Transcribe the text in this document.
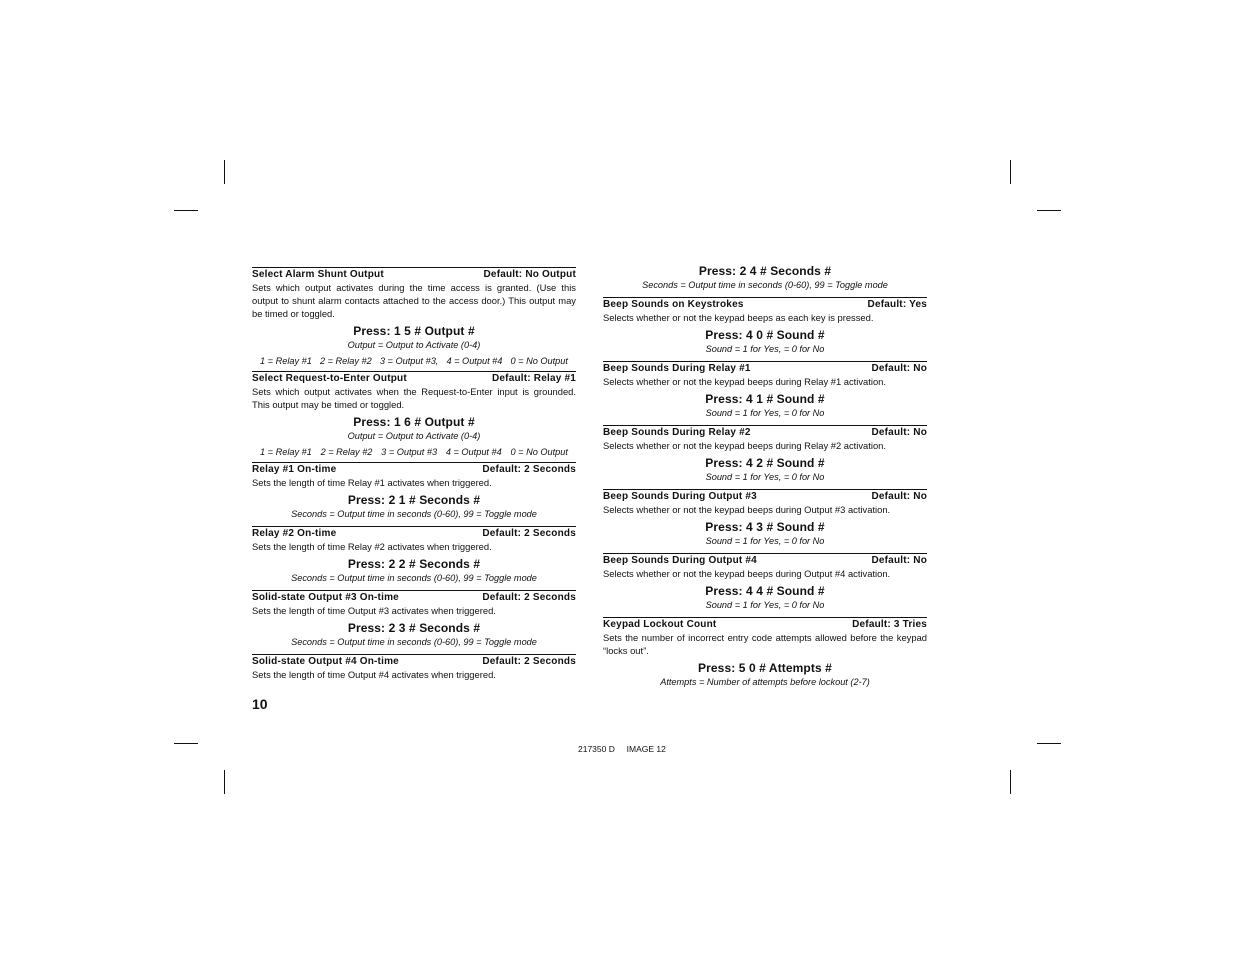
Select Alarm Shunt Output	Default: No Output

Sets which output activates during the time access is granted. (Use this output to shunt alarm contacts attached to the access door.) This output may be timed or toggled.

Press: 1 5 # Output #
Output = Output to Activate (0-4)
1 = Relay #1 2 = Relay #2 3 = Output #3, 4 = Output #4 0 = No Output
Select Request-to-Enter Output	Default: Relay #1

Sets which output activates when the Request-to-Enter input is grounded. This output may be timed or toggled.

Press: 1 6 # Output #
Output = Output to Activate (0-4)
1 = Relay #1 2 = Relay #2 3 = Output #3 4 = Output #4 0 = No Output
Relay #1 On-time	Default: 2 Seconds

Sets the length of time Relay #1 activates when triggered.

Press: 2 1 # Seconds #
Seconds = Output time in seconds (0-60), 99 = Toggle mode
Relay #2 On-time	Default: 2 Seconds

Sets the length of time Relay #2 activates when triggered.

Press: 2 2 # Seconds #
Seconds = Output time in seconds (0-60), 99 = Toggle mode
Solid-state Output #3 On-time	Default: 2 Seconds

Sets the length of time Output #3 activates when triggered.

Press: 2 3 # Seconds #
Seconds = Output time in seconds (0-60), 99 = Toggle mode
Solid-state Output #4 On-time	Default: 2 Seconds

Sets the length of time Output #4 activates when triggered.

Press: 2 4 # Seconds #
Seconds = Output time in seconds (0-60), 99 = Toggle mode
Beep Sounds on Keystrokes	Default: Yes

Selects whether or not the keypad beeps as each key is pressed.

Press: 4 0 # Sound #
Sound = 1 for Yes, = 0 for No
Beep Sounds During Relay #1	Default: No

Selects whether or not the keypad beeps during Relay #1 activation.

Press: 4 1 # Sound #
Sound = 1 for Yes, = 0 for No
Beep Sounds During Relay #2	Default: No

Selects whether or not the keypad beeps during Relay #2 activation.

Press: 4 2 # Sound #
Sound = 1 for Yes, = 0 for No
Beep Sounds During Output #3	Default: No

Selects whether or not the keypad beeps during Output #3 activation.

Press: 4 3 # Sound #
Sound = 1 for Yes, = 0 for No
Beep Sounds During Output #4	Default: No

Selects whether or not the keypad beeps during Output #4 activation.

Press: 4 4 # Sound #
Sound = 1 for Yes, = 0 for No
Keypad Lockout Count	Default: 3 Tries

Sets the number of incorrect entry code attempts allowed before the keypad “locks out”.

Press: 5 0 # Attempts #
Attempts = Number of attempts before lockout (2-7)
10
217350 D     IMAGE 12
